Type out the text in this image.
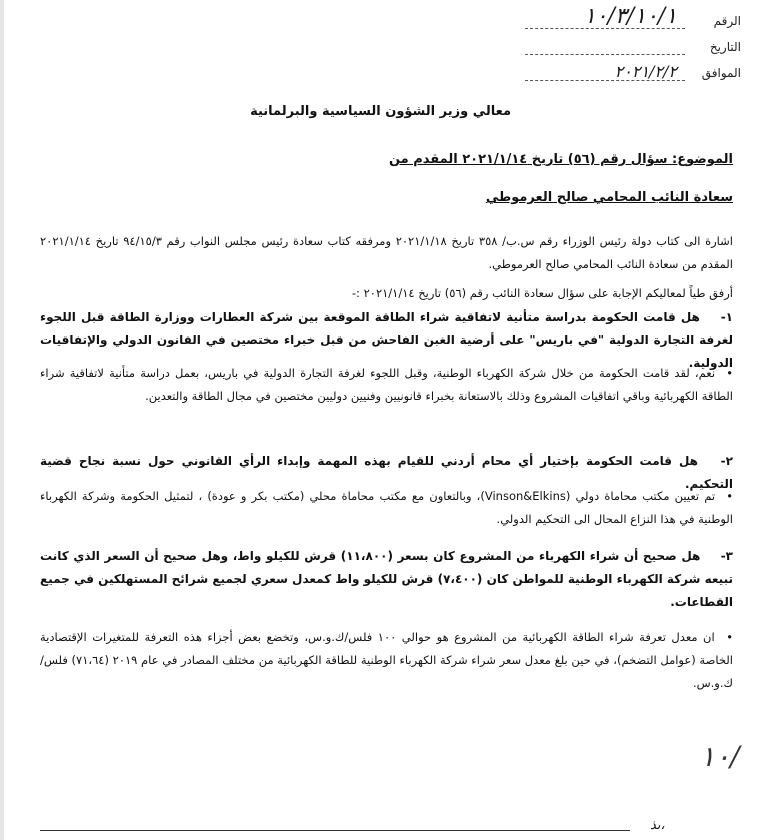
الرقم
١٠/٣/١٠/١
التاريخ
الموافق
٢٠٢١/٢/٢
معالي وزير الشؤون السياسية والبرلمانية
الموضوع: سؤال رقم (٥٦) تاريخ ٢٠٢١/١/١٤ المقدم من
سعادة النائب المحامي صالح العرموطي
اشارة الى كتاب دولة رئيس الوزراء رقم س.ب/ ٣٥٨ تاريخ ٢٠٢١/١/١٨ ومرفقه كتاب سعادة رئيس مجلس النواب رقم ٩٤/١٥/٣ تاريخ ٢٠٢١/١/١٤ المقدم من سعادة النائب المحامي صالح العرموطي.
أرفق طياً لمعاليكم الإجابة على سؤال سعادة النائب رقم (٥٦) تاريخ ٢٠٢١/١/١٤ :-
١- هل قامت الحكومة بدراسة متأنية لاتفاقية شراء الطاقة الموقعة بين شركة العطارات ووزارة الطاقة قبل اللجوء لغرفة التجارة الدولية "في باريس" على أرضية الغبن الفاحش من قبل خبراء مختصين في القانون الدولي والإتفاقيات الدولية.
• نعم، لقد قامت الحكومة من خلال شركة الكهرباء الوطنية، وقبل اللجوء لغرفة التجارة الدولية في باريس، بعمل دراسة متأنية لاتفاقية شراء الطاقة الكهربائية وباقي اتفاقيات المشروع وذلك بالاستعانة بخبراء قانونيين وفنيين دوليين مختصين في مجال الطاقة والتعدين.
٢- هل قامت الحكومة بإختيار أي محام أردني للقيام بهذه المهمة وإبداء الرأي القانوني حول نسبة نجاح قضية التحكيم.
• تم تعيين مكتب محاماة دولي (Vinson&Elkins)، وبالتعاون مع مكتب محاماة محلي (مكتب بكر و عودة) ، لتمثيل الحكومة وشركة الكهرباء الوطنية في هذا النزاع المحال الى التحكيم الدولي.
٣- هل صحيح أن شراء الكهرباء من المشروع كان بسعر (١١،٨٠٠) قرش للكيلو واط، وهل صحيح أن السعر الذي كانت تبيعه شركة الكهرباء الوطنية للمواطن كان (٧،٤٠٠) قرش للكيلو واط كمعدل سعري لجميع شرائح المستهلكين في جميع القطاعات.
• ان معدل تعرفة شراء الطاقة الكهربائية من المشروع هو حوالي ١٠٠ فلس/ك.و.س، وتخضع بعض أجزاء هذه التعرفة للمتغيرات الإقتصادية الخاصة (عوامل التضخم)، في حين بلغ معدل سعر شراء شركة الكهرباء الوطنية للطاقة الكهربائية من مختلف المصادر في عام ٢٠١٩ (٧١،٦٤) فلس/ك.و.س.
١٠/
ىذ،
